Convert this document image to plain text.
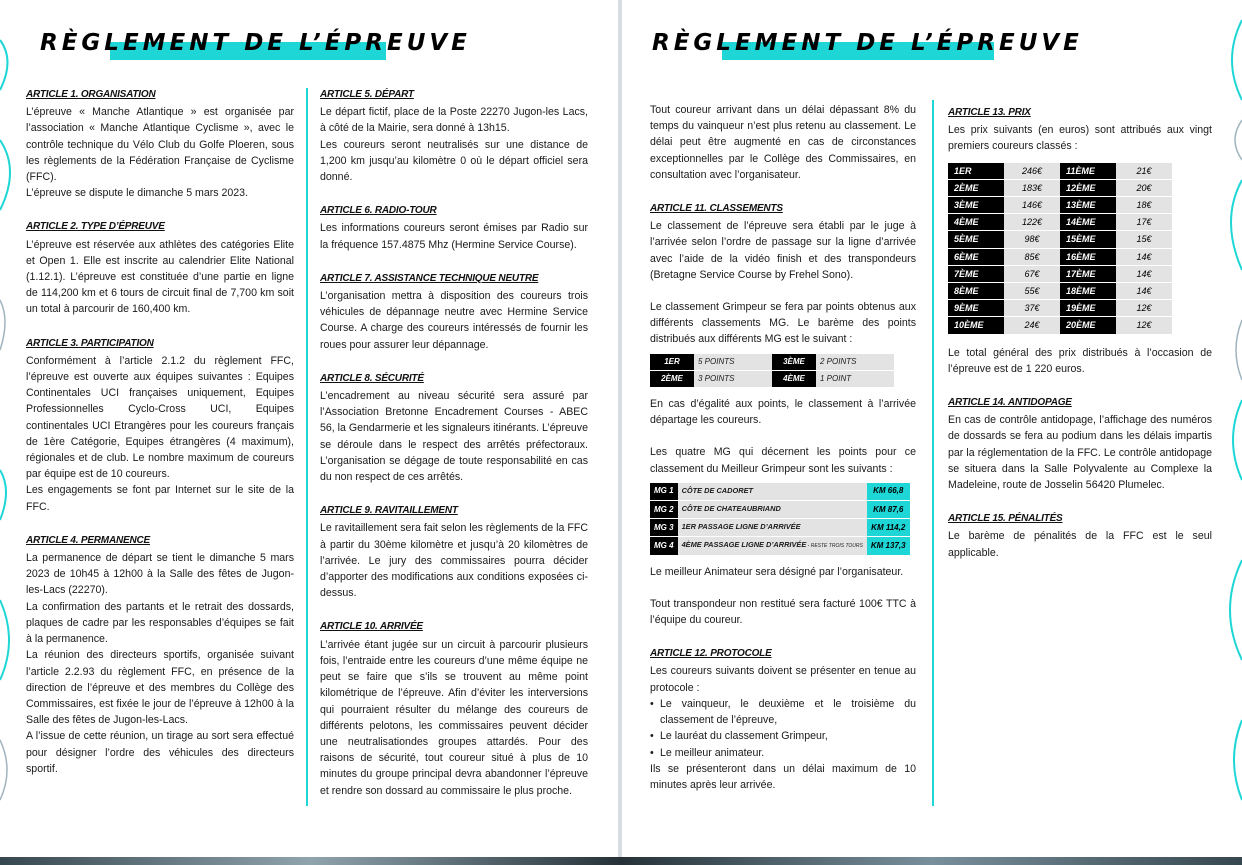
RÈGLEMENT DE L’ÉPREUVE
ARTICLE 1. ORGANISATION

L’épreuve « Manche Atlantique » est organisée par l’association « Manche Atlantique Cyclisme », avec le contrôle technique du Vélo Club du Golfe Ploeren, sous les règlements de la Fédération Française de Cyclisme (FFC).

L’épreuve se dispute le dimanche 5 mars 2023.

ARTICLE 2. TYPE D’ÉPREUVE

L’épreuve est réservée aux athlètes des catégories Elite et Open 1. Elle est inscrite au calendrier Elite National (1.12.1). L’épreuve est constituée d’une partie en ligne de 114,200 km et 6 tours de circuit final de 7,700 km soit un total à parcourir de 160,400 km.

ARTICLE 3. PARTICIPATION

Conformément à l’article 2.1.2 du règlement FFC, l’épreuve est ouverte aux équipes suivantes : Equipes Continentales UCI françaises uniquement, Equipes Professionnelles Cyclo-Cross UCI, Equipes continentales UCI Etrangères pour les coureurs français de 1ère Catégorie, Equipes étrangères (4 maximum), régionales et de club. Le nombre maximum de coureurs par équipe est de 10 coureurs.

Les engagements se font par Internet sur le site de la FFC.

ARTICLE 4. PERMANENCE

La permanence de départ se tient le dimanche 5 mars 2023 de 10h45 à 12h00 à la Salle des fêtes de Jugon-les-Lacs (22270).

La confirmation des partants et le retrait des dossards, plaques de cadre par les responsables d’équipes se fait à la permanence.

La réunion des directeurs sportifs, organisée suivant l’article 2.2.93 du règlement FFC, en présence de la direction de l’épreuve et des membres du Collège des Commissaires, est fixée le jour de l’épreuve à 12h00 à la Salle des fêtes de Jugon-les-Lacs.

A l’issue de cette réunion, un tirage au sort sera effectué pour désigner l’ordre des véhicules des directeurs sportif.

ARTICLE 5. DÉPART

Le départ fictif, place de la Poste 22270 Jugon-les Lacs, à côté de la Mairie, sera donné à 13h15.

Les coureurs seront neutralisés sur une distance de 1,200 km jusqu’au kilomètre 0 où le départ officiel sera donné.

ARTICLE 6. RADIO-TOUR

Les informations coureurs seront émises par Radio sur la fréquence 157.4875 Mhz (Hermine Service Course).

ARTICLE 7. ASSISTANCE TECHNIQUE NEUTRE

L’organisation mettra à disposition des coureurs trois véhicules de dépannage neutre avec Hermine Service Course. A charge des coureurs intéressés de fournir les roues pour assurer leur dépannage.

ARTICLE 8. SÉCURITÉ

L’encadrement au niveau sécurité sera assuré par l’Association Bretonne Encadrement Courses - ABEC 56, la Gendarmerie et les signaleurs itinérants. L’épreuve se déroule dans le respect des arrêtés préfectoraux. L’organisation se dégage de toute responsabilité en cas du non respect de ces arrêtés.

ARTICLE 9. RAVITAILLEMENT

Le ravitaillement sera fait selon les règlements de la FFC à partir du 30ème kilomètre et jusqu’à 20 kilomètres de l’arrivée. Le jury des commissaires pourra décider d’apporter des modifications aux conditions exposées ci-dessus.

ARTICLE 10. ARRIVÉE

L’arrivée étant jugée sur un circuit à parcourir plusieurs fois, l’entraide entre les coureurs d’une même équipe ne peut se faire que s’ils se trouvent au même point kilométrique de l’épreuve. Afin d’éviter les interversions qui pourraient résulter du mélange des coureurs de différents pelotons, les commissaires peuvent décider une neutralisationdes groupes attardés. Pour des raisons de sécurité, tout coureur situé à plus de 10 minutes du groupe principal devra abandonner l’épreuve et rendre son dossard au commissaire le plus proche.

RÈGLEMENT DE L’ÉPREUVE

Tout coureur arrivant dans un délai dépassant 8% du temps du vainqueur n’est plus retenu au classement. Le délai peut être augmenté en cas de circonstances exceptionnelles par le Collège des Commissaires, en consultation avec l’organisateur.

ARTICLE 11. CLASSEMENTS

Le classement de l’épreuve sera établi par le juge à l’arrivée selon l’ordre de passage sur la ligne d’arrivée avec l’aide de la vidéo finish et des transpondeurs (Bretagne Service Course by Frehel Sono).

Le classement Grimpeur se fera par points obtenus aux différents classements MG. Le barème des points distribués aux différents MG est le suivant :

1ER	5 POINTS	3ÈME	2 POINTS
2ÈME	3 POINTS	4ÈME	1 POINT

En cas d’égalité aux points, le classement à l’arrivée départage les coureurs.

Les quatre MG qui décernent les points pour ce classement du Meilleur Grimpeur sont les suivants :

MG 1	CÔTE DE CADORET	KM 66,8
MG 2	CÔTE DE CHATEAUBRIAND	KM 87,6
MG 3	1ER PASSAGE LIGNE D’ARRIVÉE	KM 114,2
MG 4	4ÈME PASSAGE LIGNE D’ARRIVÉE - RESTE TROIS TOURS	KM 137,3

Le meilleur Animateur sera désigné par l’organisateur.

Tout transpondeur non restitué sera facturé 100€ TTC à l’équipe du coureur.

ARTICLE 12. PROTOCOLE

Les coureurs suivants doivent se présenter en tenue au protocole :

• Le vainqueur, le deuxième et le troisième du classement de l’épreuve,

• Le lauréat du classement Grimpeur,

• Le meilleur animateur.

Ils se présenteront dans un délai maximum de 10 minutes après leur arrivée.

ARTICLE 13. PRIX

Les prix suivants (en euros) sont attribués aux vingt premiers coureurs classés :

1ER	246€	11ÈME	21€
2ÈME	183€	12ÈME	20€
3ÈME	146€	13ÈME	18€
4ÈME	122€	14ÈME	17€
5ÈME	98€	15ÈME	15€
6ÈME	85€	16ÈME	14€
7ÈME	67€	17ÈME	14€
8ÈME	55€	18ÈME	14€
9ÈME	37€	19ÈME	12€
10ÈME	24€	20ÈME	12€

Le total général des prix distribués à l’occasion de l’épreuve est de 1 220 euros.

ARTICLE 14. ANTIDOPAGE

En cas de contrôle antidopage, l’affichage des numéros de dossards se fera au podium dans les délais impartis par la réglementation de la FFC. Le contrôle antidopage se situera dans la Salle Polyvalente au Complexe la Madeleine, route de Josselin 56420 Plumelec.

ARTICLE 15. PÉNALITÉS

Le barème de pénalités de la FFC est le seul applicable.
